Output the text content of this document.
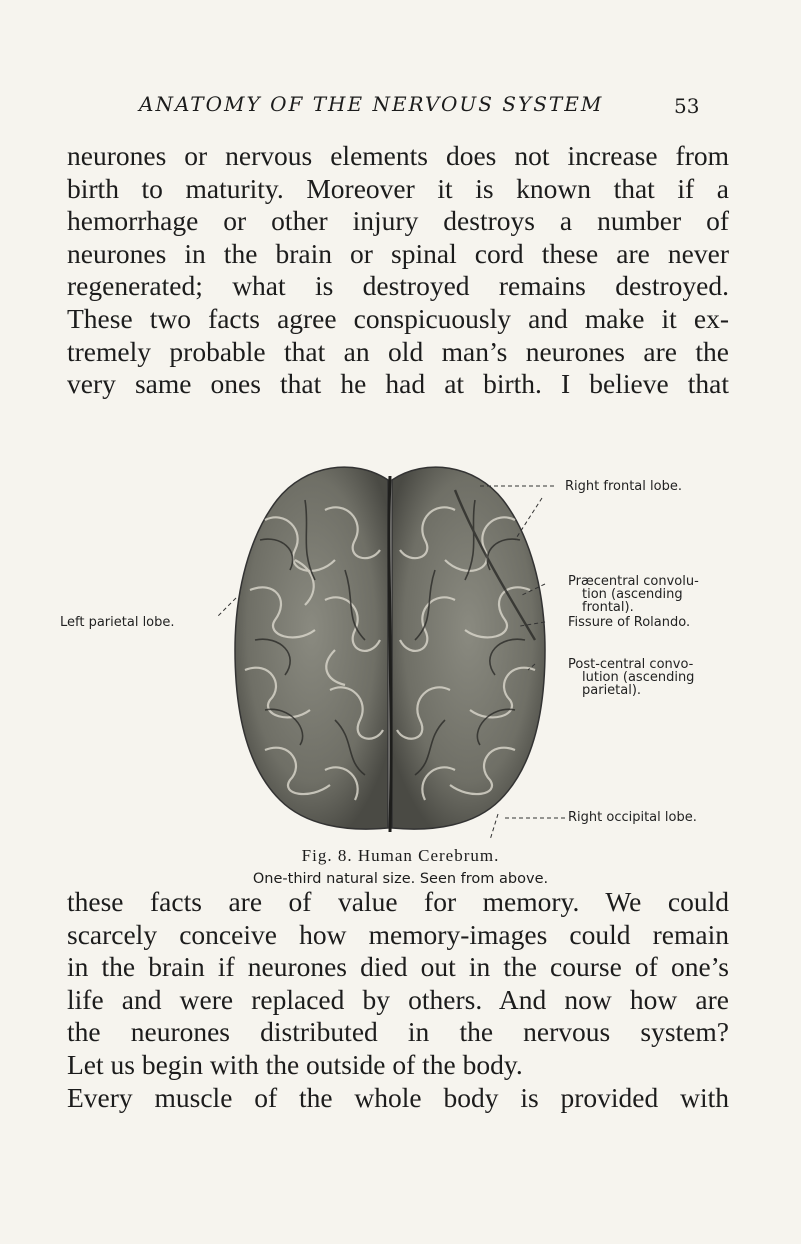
ANATOMY OF THE NERVOUS SYSTEM	53
neurones or nervous elements does not increase from
birth to maturity. Moreover it is known that if a
hemorrhage or other injury destroys a number of
neurones in the brain or spinal cord these are never
regenerated; what is destroyed remains destroyed.
These two facts agree conspicuously and make it ex-
tremely probable that an old man’s neurones are the
very same ones that he had at birth. I believe that
Right frontal lobe.
Præcentral convolu-
tion (ascending
frontal).
Fissure of Rolando.
Post-central convo-
lution (ascending
parietal).
Right occipital lobe.
Left parietal lobe.
Fig. 8. Human Cerebrum.
One-third natural size. Seen from above.
these facts are of value for memory. We could
scarcely conceive how memory-images could remain
in the brain if neurones died out in the course of one’s
life and were replaced by others. And now how are
the neurones distributed in the nervous system?
Let us begin with the outside of the body.
Every muscle of the whole body is provided with
